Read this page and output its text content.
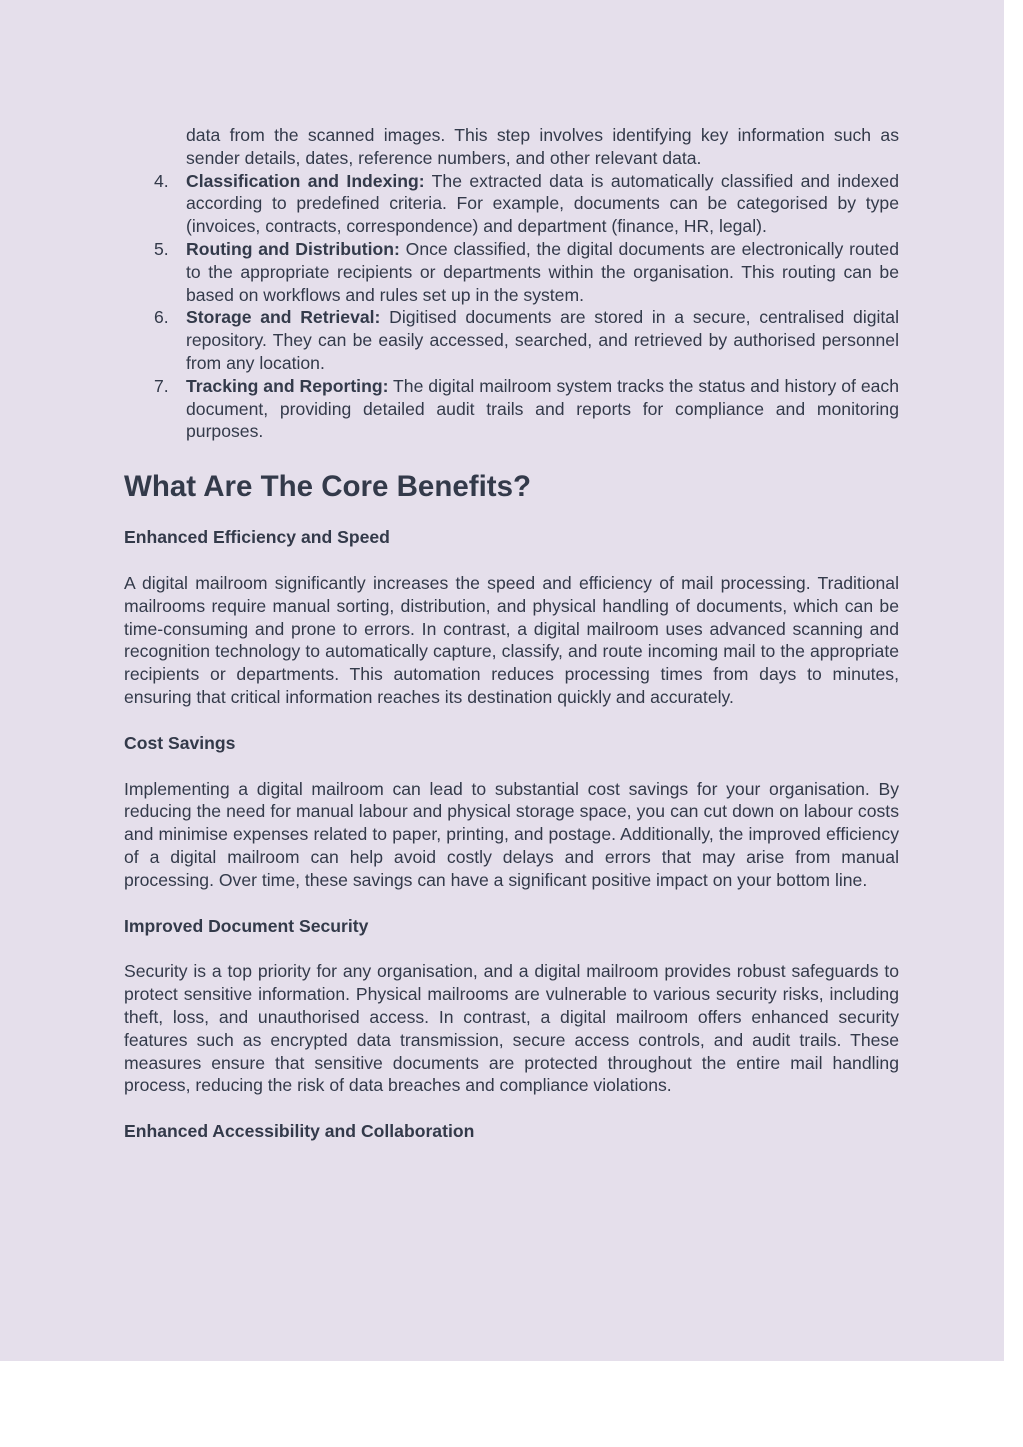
data from the scanned images. This step involves identifying key information such as sender details, dates, reference numbers, and other relevant data.

4. Classification and Indexing: The extracted data is automatically classified and indexed according to predefined criteria. For example, documents can be categorised by type (invoices, contracts, correspondence) and department (finance, HR, legal).
5. Routing and Distribution: Once classified, the digital documents are electronically routed to the appropriate recipients or departments within the organisation. This routing can be based on workflows and rules set up in the system.
6. Storage and Retrieval: Digitised documents are stored in a secure, centralised digital repository. They can be easily accessed, searched, and retrieved by authorised personnel from any location.
7. Tracking and Reporting: The digital mailroom system tracks the status and history of each document, providing detailed audit trails and reports for compliance and monitoring purposes.
What Are The Core Benefits?
Enhanced Efficiency and Speed

A digital mailroom significantly increases the speed and efficiency of mail processing. Traditional mailrooms require manual sorting, distribution, and physical handling of documents, which can be time-consuming and prone to errors. In contrast, a digital mailroom uses advanced scanning and recognition technology to automatically capture, classify, and route incoming mail to the appropriate recipients or departments. This automation reduces processing times from days to minutes, ensuring that critical information reaches its destination quickly and accurately.

Cost Savings

Implementing a digital mailroom can lead to substantial cost savings for your organisation. By reducing the need for manual labour and physical storage space, you can cut down on labour costs and minimise expenses related to paper, printing, and postage. Additionally, the improved efficiency of a digital mailroom can help avoid costly delays and errors that may arise from manual processing. Over time, these savings can have a significant positive impact on your bottom line.

Improved Document Security

Security is a top priority for any organisation, and a digital mailroom provides robust safeguards to protect sensitive information. Physical mailrooms are vulnerable to various security risks, including theft, loss, and unauthorised access. In contrast, a digital mailroom offers enhanced security features such as encrypted data transmission, secure access controls, and audit trails. These measures ensure that sensitive documents are protected throughout the entire mail handling process, reducing the risk of data breaches and compliance violations.

Enhanced Accessibility and Collaboration
